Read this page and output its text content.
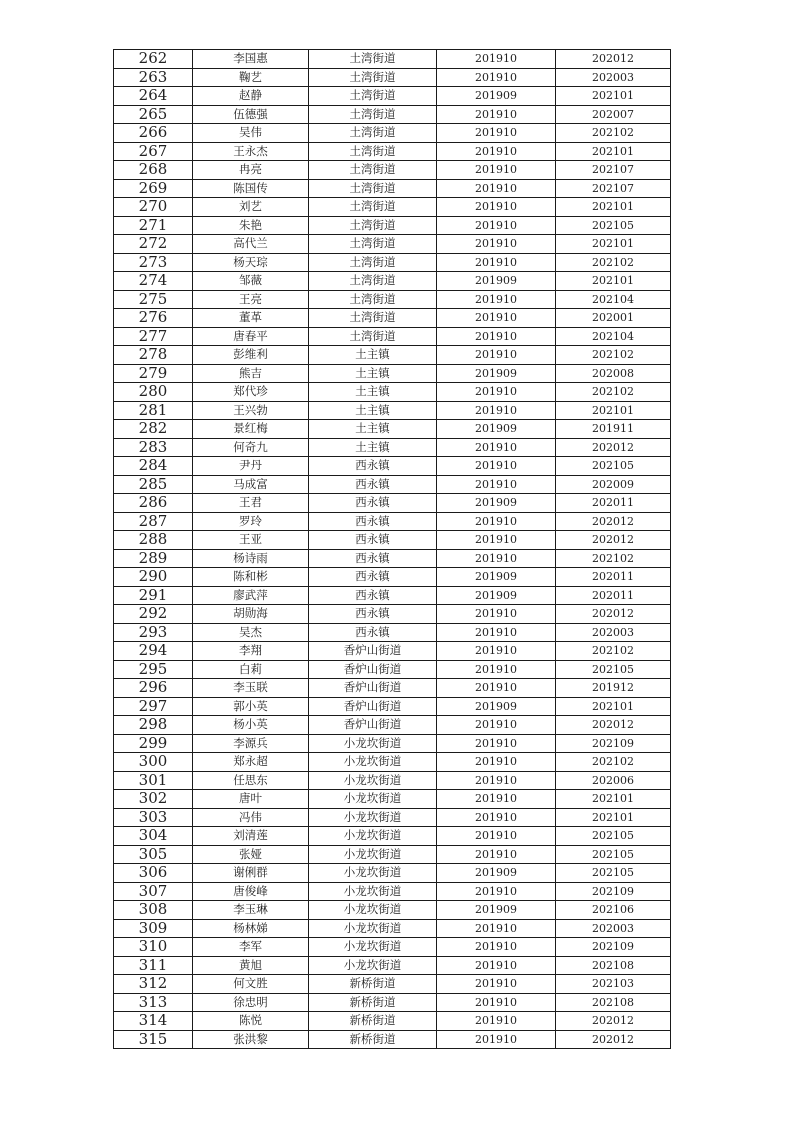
262	李国惠	土湾街道	201910	202012
263	鞠艺	土湾街道	201910	202003
264	赵静	土湾街道	201909	202101
265	伍德强	土湾街道	201910	202007
266	吴伟	土湾街道	201910	202102
267	王永杰	土湾街道	201910	202101
268	冉亮	土湾街道	201910	202107
269	陈国传	土湾街道	201910	202107
270	刘艺	土湾街道	201910	202101
271	朱艳	土湾街道	201910	202105
272	高代兰	土湾街道	201910	202101
273	杨天琮	土湾街道	201910	202102
274	邹薇	土湾街道	201909	202101
275	王亮	土湾街道	201910	202104
276	董革	土湾街道	201910	202001
277	唐春平	土湾街道	201910	202104
278	彭维利	土主镇	201910	202102
279	熊吉	土主镇	201909	202008
280	郑代珍	土主镇	201910	202102
281	王兴勃	土主镇	201910	202101
282	景红梅	土主镇	201909	201911
283	何奇九	土主镇	201910	202012
284	尹丹	西永镇	201910	202105
285	马成富	西永镇	201910	202009
286	王君	西永镇	201909	202011
287	罗玲	西永镇	201910	202012
288	王亚	西永镇	201910	202012
289	杨诗雨	西永镇	201910	202102
290	陈和彬	西永镇	201909	202011
291	廖武萍	西永镇	201909	202011
292	胡勋海	西永镇	201910	202012
293	吴杰	西永镇	201910	202003
294	李翔	香炉山街道	201910	202102
295	白莉	香炉山街道	201910	202105
296	李玉联	香炉山街道	201910	201912
297	郭小英	香炉山街道	201909	202101
298	杨小英	香炉山街道	201910	202012
299	李源兵	小龙坎街道	201910	202109
300	郑永超	小龙坎街道	201910	202102
301	任思东	小龙坎街道	201910	202006
302	唐叶	小龙坎街道	201910	202101
303	冯伟	小龙坎街道	201910	202101
304	刘清莲	小龙坎街道	201910	202105
305	张娅	小龙坎街道	201910	202105
306	谢俐群	小龙坎街道	201909	202105
307	唐俊峰	小龙坎街道	201910	202109
308	李玉琳	小龙坎街道	201909	202106
309	杨林娣	小龙坎街道	201910	202003
310	李军	小龙坎街道	201910	202109
311	黄旭	小龙坎街道	201910	202108
312	何文胜	新桥街道	201910	202103
313	徐忠明	新桥街道	201910	202108
314	陈悦	新桥街道	201910	202012
315	张洪黎	新桥街道	201910	202012
